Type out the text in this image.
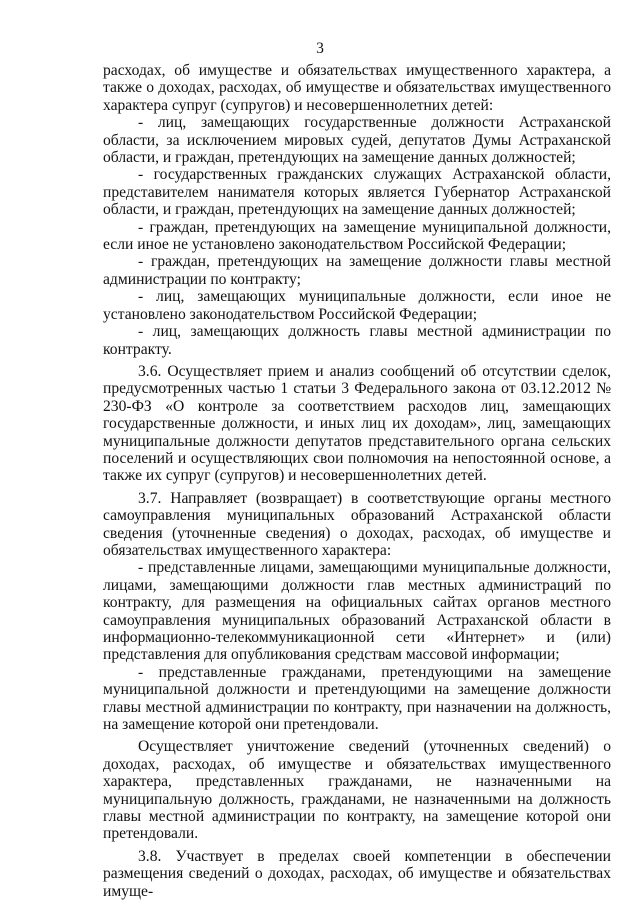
3

расходах, об имуществе и обязательствах имущественного характера, а также о доходах, расходах, об имуществе и обязательствах имущественного характера супруг (супругов) и несовершеннолетних детей:

- лиц, замещающих государственные должности Астраханской области, за исключением мировых судей, депутатов Думы Астраханской области, и граждан, претендующих на замещение данных должностей;

- государственных гражданских служащих Астраханской области, представителем нанимателя которых является Губернатор Астраханской области, и граждан, претендующих на замещение данных должностей;

- граждан, претендующих на замещение муниципальной должности, если иное не установлено законодательством Российской Федерации;

- граждан, претендующих на замещение должности главы местной администрации по контракту;

- лиц, замещающих муниципальные должности, если иное не установлено законодательством Российской Федерации;

- лиц, замещающих должность главы местной администрации по контракту.

3.6. Осуществляет прием и анализ сообщений об отсутствии сделок, предусмотренных частью 1 статьи 3 Федерального закона от 03.12.2012 № 230-ФЗ «О контроле за соответствием расходов лиц, замещающих государственные должности, и иных лиц их доходам», лиц, замещающих муниципальные должности депутатов представительного органа сельских поселений и осуществляющих свои полномочия на непостоянной основе, а также их супруг (супругов) и несовершеннолетних детей.

3.7. Направляет (возвращает) в соответствующие органы местного самоуправления муниципальных образований Астраханской области сведения (уточненные сведения) о доходах, расходах, об имуществе и обязательствах имущественного характера:

- представленные лицами, замещающими муниципальные должности, лицами, замещающими должности глав местных администраций по контракту, для размещения на официальных сайтах органов местного самоуправления муниципальных образований Астраханской области в информационно-телекоммуникационной сети «Интернет» и (или) представления для опубликования средствам массовой информации;

- представленные гражданами, претендующими на замещение муниципальной должности и претендующими на замещение должности главы местной администрации по контракту, при назначении на должность, на замещение которой они претендовали.

Осуществляет уничтожение сведений (уточненных сведений) о доходах, расходах, об имуществе и обязательствах имущественного характера, представленных гражданами, не назначенными на муниципальную должность, гражданами, не назначенными на должность главы местной администрации по контракту, на замещение которой они претендовали.

3.8. Участвует в пределах своей компетенции в обеспечении размещения сведений о доходах, расходах, об имуществе и обязательствах имуще-
